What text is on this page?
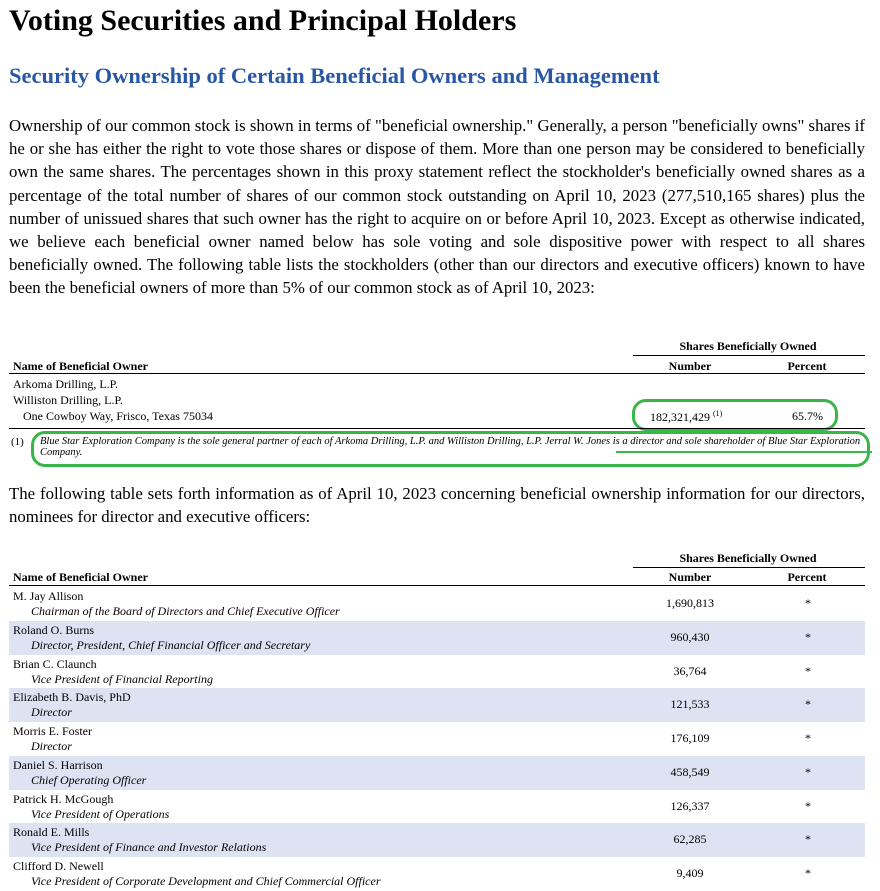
Voting Securities and Principal Holders
Security Ownership of Certain Beneficial Owners and Management

Ownership of our common stock is shown in terms of "beneficial ownership." Generally, a person "beneficially owns" shares if he or she has either the right to vote those shares or dispose of them. More than one person may be considered to beneficially own the same shares. The percentages shown in this proxy statement reflect the stockholder's beneficially owned shares as a percentage of the total number of shares of our common stock outstanding on April 10, 2023 (277,510,165 shares) plus the number of unissued shares that such owner has the right to acquire on or before April 10, 2023. Except as otherwise indicated, we believe each beneficial owner named below has sole voting and sole dispositive power with respect to all shares beneficially owned. The following table lists the stockholders (other than our directors and executive officers) known to have been the beneficial owners of more than 5% of our common stock as of April 10, 2023:

Shares Beneficially Owned
Name of Beneficial Owner	Number	Percent
Arkoma Drilling, L.P.
Williston Drilling, L.P.
One Cowboy Way, Frisco, Texas 75034	182,321,429 $^{(1)}$	65.7%
(1) Blue Star Exploration Company is the sole general partner of each of Arkoma Drilling, L.P. and Williston Drilling, L.P. Jerral W. Jones is a director and sole shareholder of Blue Star Exploration Company.

The following table sets forth information as of April 10, 2023 concerning beneficial ownership information for our directors, nominees for director and executive officers:

Shares Beneficially Owned
Name of Beneficial Owner	Number	Percent
M. Jay Allison
Chairman of the Board of Directors and Chief Executive Officer
1,690,813	*
Roland O. Burns
Director, President, Chief Financial Officer and Secretary
960,430	*
Brian C. Claunch
Vice President of Financial Reporting
36,764	*
Elizabeth B. Davis, PhD
Director
121,533	*
Morris E. Foster
Director
176,109	*
Daniel S. Harrison
Chief Operating Officer
458,549	*
Patrick H. McGough
Vice President of Operations
126,337	*
Ronald E. Mills
Vice President of Finance and Investor Relations
62,285	*
Clifford D. Newell
Vice President of Corporate Development and Chief Commercial Officer
9,409	*
